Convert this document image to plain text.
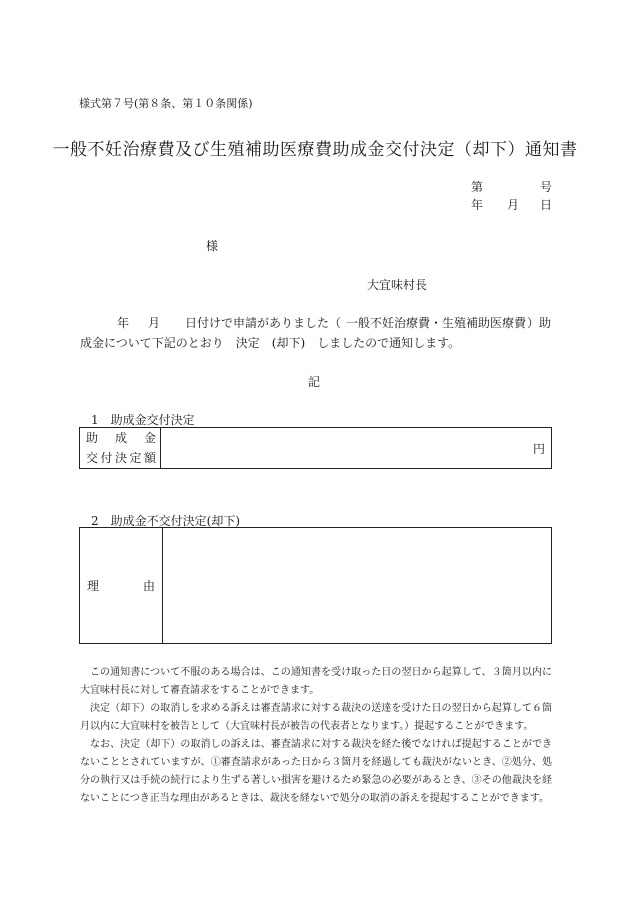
様式第７号(第８条、第１０条関係)
一般不妊治療費及び生殖補助医療費助成金交付決定（却下）通知書
第	号
年 月 日
様
大宜味村長
年 月 日付けで申請がありました（ 一般不妊治療費・生殖補助医療費 ）助
成金について下記のとおり　決定　(却下)　しましたので通知します。
記
1　助成金交付決定
助成金
交付決定額
	円
2　助成金不交付決定(却下)
理	由

この通知書について不服のある場合は、この通知書を受け取った日の翌日から起算して、３箇月以内に大宜味村長に対して審査請求をすることができます。

決定（却下）の取消しを求める訴えは審査請求に対する裁決の送達を受けた日の翌日から起算して６箇月以内に大宜味村を被告として（大宜味村長が被告の代表者となります。）提起することができます。

なお、決定（却下）の取消しの訴えは、審査請求に対する裁決を経た後でなければ提起することができないこととされていますが、①審査請求があった日から３箇月を経過しても裁決がないとき、②処分、処分の執行又は手続の続行により生ずる著しい損害を避けるため緊急の必要があるとき、③その他裁決を経ないことにつき正当な理由があるときは、裁決を経ないで処分の取消の訴えを提起することができます。
